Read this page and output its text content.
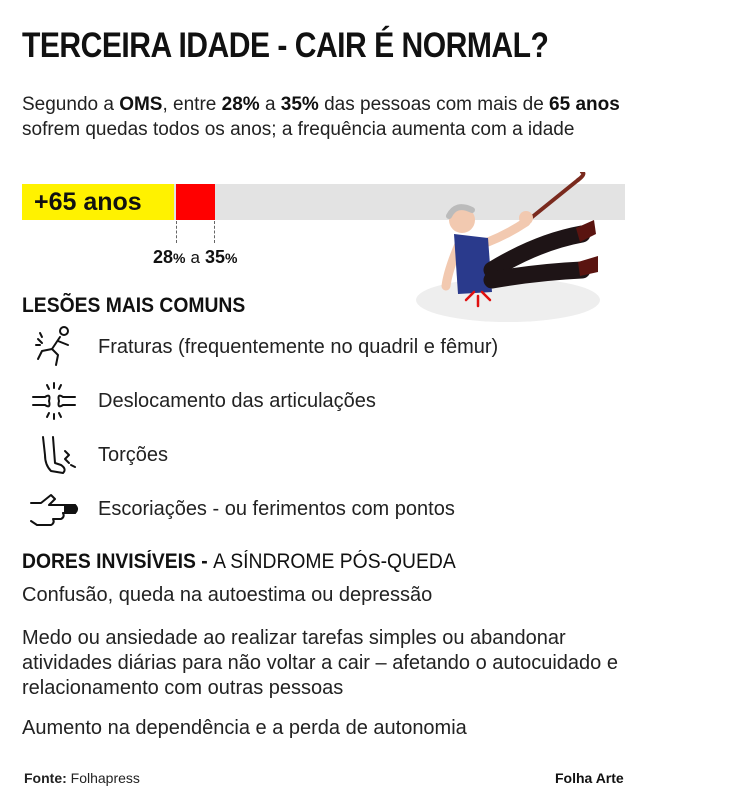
TERCEIRA IDADE - CAIR É NORMAL?

Segundo a OMS, entre 28% a 35% das pessoas com mais de 65 anos sofrem quedas todos os anos; a frequência aumenta com a idade

+65 anos
28% a 35%
LESÕES MAIS COMUNS
Fraturas (frequentemente no quadril e fêmur)
Deslocamento das articulações
Torções
Escoriações - ou ferimentos com pontos
DORES INVISÍVEIS - A SÍNDROME PÓS-QUEDA

Confusão, queda na autoestima ou depressão

Medo ou ansiedade ao realizar tarefas simples ou abandonar atividades diárias para não voltar a cair – afetando o autocuidado e relacionamento com outras pessoas

Aumento na dependência e a perda de autonomia

Fonte: Folhapress	Folha Arte
